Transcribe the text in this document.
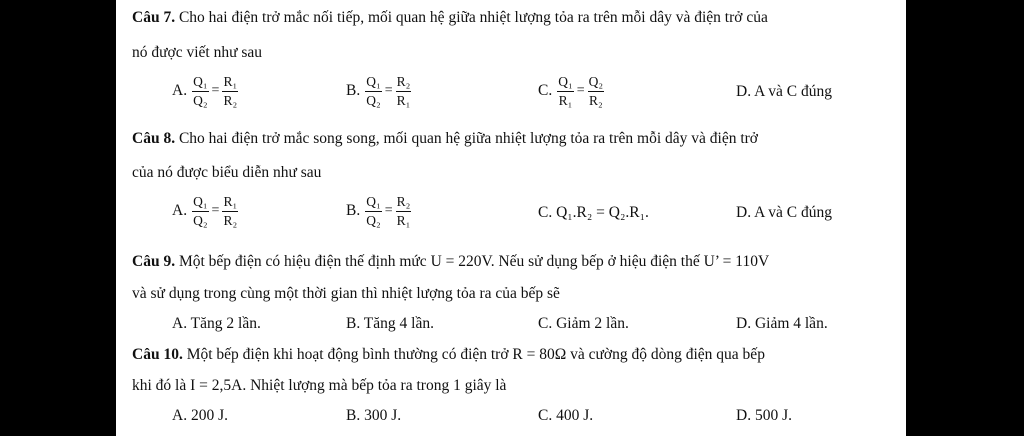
Câu 7. Cho hai điện trở mắc nối tiếp, mối quan hệ giữa nhiệt lượng tỏa ra trên mỗi dây và điện trở của
nó được viết như sau
A. $\frac{\text{Q₁}}{\text{Q₂}} = \frac{\text{R₁}}{\text{R₂}}$	B. $\frac{\text{Q₁}}{\text{Q₂}} = \frac{\text{R₂}}{\text{R₁}}$	C. $\frac{\text{Q₁}}{\text{R₁}} = \frac{\text{Q₂}}{\text{R₂}}$	D. A và C đúng
Câu 8. Cho hai điện trở mắc song song, mối quan hệ giữa nhiệt lượng tỏa ra trên mỗi dây và điện trở
của nó được biểu diễn như sau
A. $\frac{\text{Q₁}}{\text{Q₂}} = \frac{\text{R₁}}{\text{R₂}}$	B. $\frac{\text{Q₁}}{\text{Q₂}} = \frac{\text{R₂}}{\text{R₁}}$	C. Q₁.R₂ = Q₂.R₁.	D. A và C đúng
Câu 9. Một bếp điện có hiệu điện thế định mức U = 220V. Nếu sử dụng bếp ở hiệu điện thế U’ = 110V
và sử dụng trong cùng một thời gian thì nhiệt lượng tỏa ra của bếp sẽ
A. Tăng 2 lần.	B. Tăng 4 lần.	C. Giảm 2 lần.	D. Giảm 4 lần.
Câu 10. Một bếp điện khi hoạt động bình thường có điện trở R = 80Ω và cường độ dòng điện qua bếp
khi đó là I = 2,5A. Nhiệt lượng mà bếp tỏa ra trong 1 giây là
A. 200 J.	B. 300 J.	C. 400 J.	D. 500 J.
